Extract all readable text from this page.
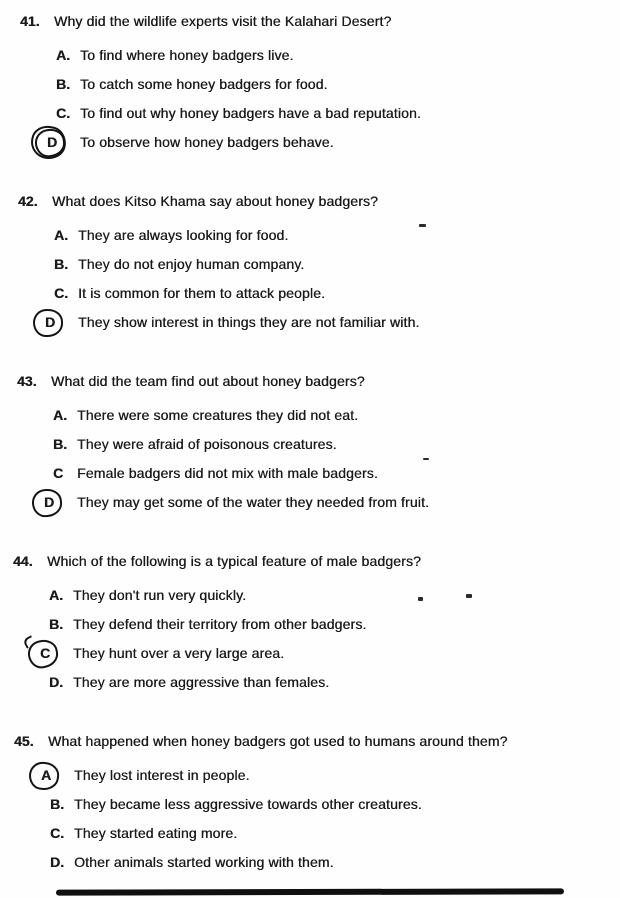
41.	Why did the wildlife experts visit the Kalahari Desert?
A. To find where honey badgers live.
B. To catch some honey badgers for food.
C. To find out why honey badgers have a bad reputation.
D	To observe how honey badgers behave.
42.	What does Kitso Khama say about honey badgers?
A. They are always looking for food.
B. They do not enjoy human company.
C. It is common for them to attack people.
D	They show interest in things they are not familiar with.
43.	What did the team find out about honey badgers?
A. There were some creatures they did not eat.
B. They were afraid of poisonous creatures.
C Female badgers did not mix with male badgers.
D	They may get some of the water they needed from fruit.
44.	Which of the following is a typical feature of male badgers?
A. They don't run very quickly.
B. They defend their territory from other badgers.
C	They hunt over a very large area.
D. They are more aggressive than females.
45.	What happened when honey badgers got used to humans around them?
A	They lost interest in people.
B. They became less aggressive towards other creatures.
C. They started eating more.
D. Other animals started working with them.
